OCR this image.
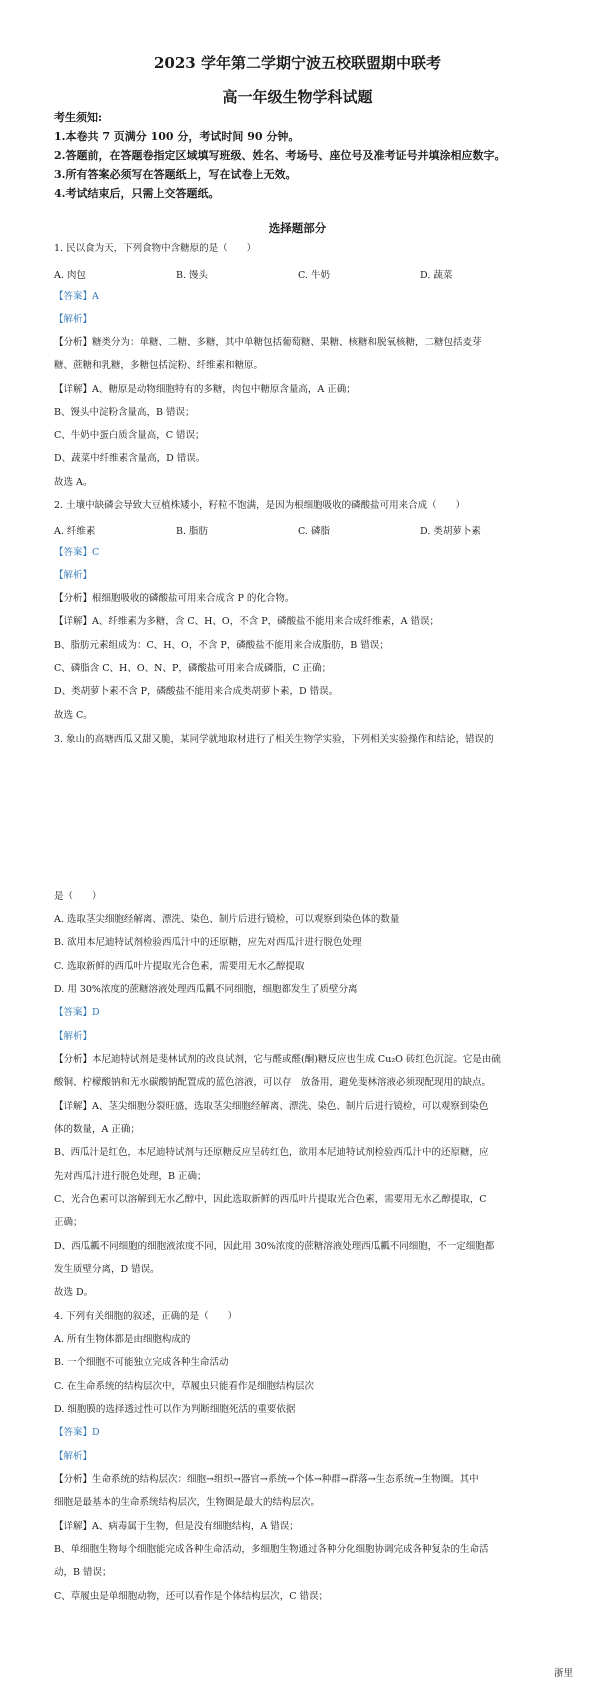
2023 学年第二学期宁波五校联盟期中联考
高一年级生物学科试题
考生须知:
1.本卷共 7 页满分 100 分，考试时间 90 分钟。
2.答题前，在答题卷指定区域填写班级、姓名、考场号、座位号及准考证号并填涂相应数字。
3.所有答案必须写在答题纸上，写在试卷上无效。
4.考试结束后，只需上交答题纸。
选择题部分
1. 民以食为天，下列食物中含糖原的是（　　）
A. 肉包	B. 馒头	C. 牛奶	D. 蔬菜
【答案】A
【解析】
【分析】糖类分为：单糖、二糖、多糖，其中单糖包括葡萄糖、果糖、核糖和脱氧核糖，二糖包括麦芽
糖、蔗糖和乳糖，多糖包括淀粉、纤维素和糖原。
【详解】A、糖原是动物细胞特有的多糖，肉包中糖原含量高，A 正确；
B、馒头中淀粉含量高，B 错误；
C、牛奶中蛋白质含量高，C 错误；
D、蔬菜中纤维素含量高，D 错误。
故选 A。
2. 土壤中缺磷会导致大豆植株矮小，籽粒不饱满，是因为根细胞吸收的磷酸盐可用来合成（　　）
A. 纤维素	B. 脂肪	C. 磷脂	D. 类胡萝卜素
【答案】C
【解析】
【分析】根细胞吸收的磷酸盐可用来合成含 P 的化合物。
【详解】A、纤维素为多糖，含 C、H、O，不含 P，磷酸盐不能用来合成纤维素，A 错误；
B、脂肪元素组成为：C、H、O，不含 P，磷酸盐不能用来合成脂肪，B 错误；
C、磷脂含 C、H、O、N、P，磷酸盐可用来合成磷脂，C 正确；
D、类胡萝卜素不含 P，磷酸盐不能用来合成类胡萝卜素，D 错误。
故选 C。
3. 象山的高塘西瓜又甜又脆，某同学就地取材进行了相关生物学实验，下列相关实验操作和结论，错误的
是（　　）
A. 选取茎尖细胞经解离、漂洗、染色、制片后进行镜检，可以观察到染色体的数量
B. 欲用本尼迪特试剂检验西瓜汁中的还原糖，应先对西瓜汁进行脱色处理
C. 选取新鲜的西瓜叶片提取光合色素，需要用无水乙醇提取
D. 用 30%浓度的蔗糖溶液处理西瓜瓤不同细胞，细胞都发生了质壁分离
【答案】D
【解析】
【分析】本尼迪特试剂是斐林试剂的改良试剂，它与醛或醛(酮)糖反应也生成 Cu₂O 砖红色沉淀。它是由硫
酸铜、柠檬酸钠和无水碳酸钠配置成的蓝色溶液，可以存　放备用，避免斐林溶液必须现配现用的缺点。
【详解】A、茎尖细胞分裂旺盛，选取茎尖细胞经解离、漂洗、染色、制片后进行镜检，可以观察到染色
体的数量，A 正确；
B、西瓜汁是红色，本尼迪特试剂与还原糖反应呈砖红色，欲用本尼迪特试剂检验西瓜汁中的还原糖，应
先对西瓜汁进行脱色处理，B 正确；
C、光合色素可以溶解到无水乙醇中，因此选取新鲜的西瓜叶片提取光合色素，需要用无水乙醇提取，C
正确；
D、西瓜瓤不同细胞的细胞液浓度不同，因此用 30%浓度的蔗糖溶液处理西瓜瓤不同细胞，不一定细胞都
发生质壁分离，D 错误。
故选 D。
4. 下列有关细胞的叙述，正确的是（　　）
A. 所有生物体都是由细胞构成的
B. 一个细胞不可能独立完成各种生命活动
C. 在生命系统的结构层次中，草履虫只能看作是细胞结构层次
D. 细胞膜的选择透过性可以作为判断细胞死活的重要依据
【答案】D
【解析】
【分析】生命系统的结构层次：细胞→组织→器官→系统→个体→种群→群落→生态系统→生物圈。其中
细胞是最基本的生命系统结构层次，生物圈是最大的结构层次。
【详解】A、病毒属于生物，但是没有细胞结构，A 错误；
B、单细胞生物每个细胞能完成各种生命活动，多细胞生物通过各种分化细胞协调完成各种复杂的生命活
动，B 错误；
C、草履虫是单细胞动物，还可以看作是个体结构层次，C 错误；
浙里
